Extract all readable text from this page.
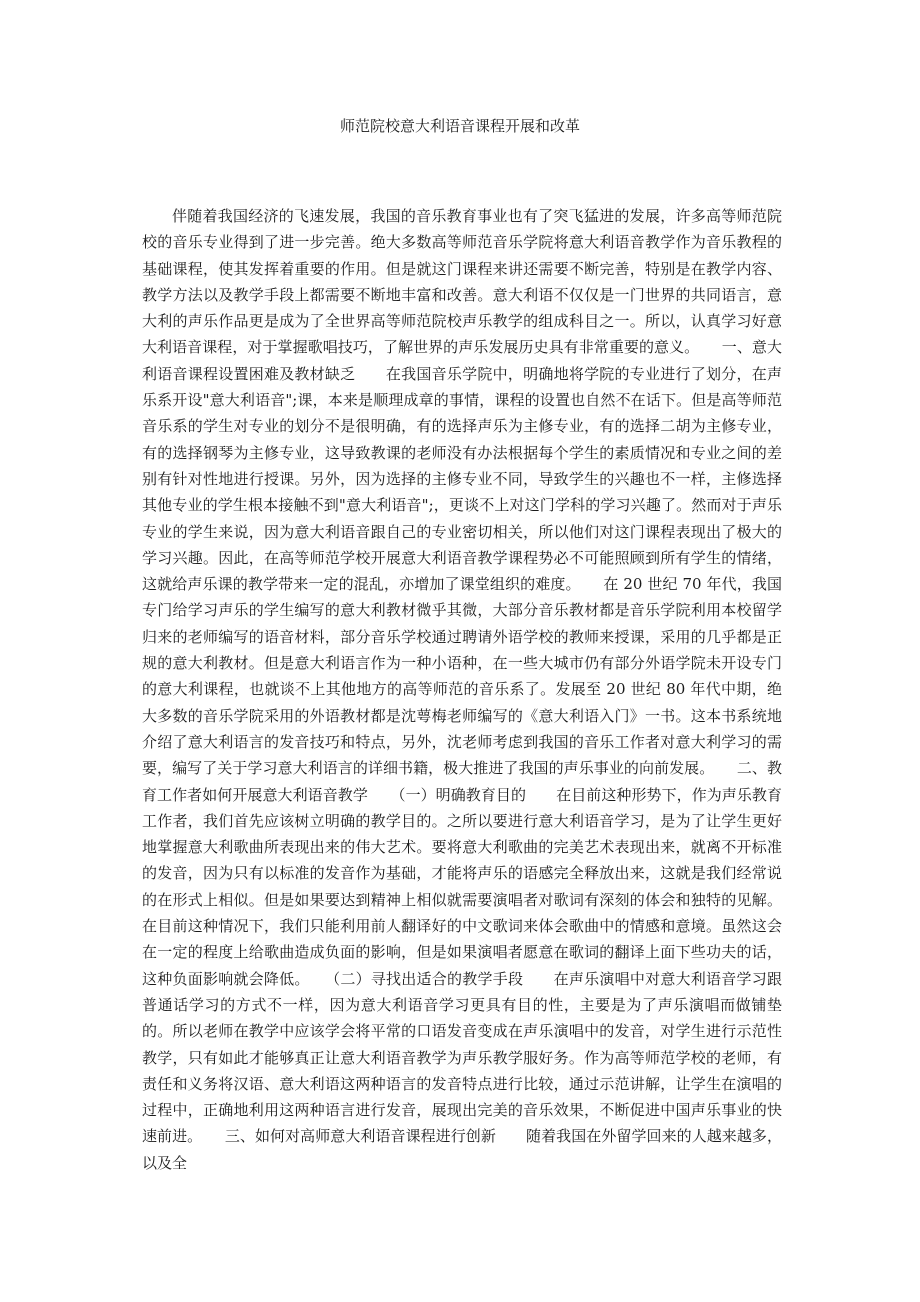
师范院校意大利语音课程开展和改革

伴随着我国经济的飞速发展，我国的音乐教育事业也有了突飞猛进的发展，许多高等师范院校的音乐专业得到了进一步完善。绝大多数高等师范音乐学院将意大利语音教学作为音乐教程的基础课程，使其发挥着重要的作用。但是就这门课程来讲还需要不断完善，特别是在教学内容、教学方法以及教学手段上都需要不断地丰富和改善。意大利语不仅仅是一门世界的共同语言，意大利的声乐作品更是成为了全世界高等师范院校声乐教学的组成科目之一。所以，认真学习好意大利语音课程，对于掌握歌唱技巧，了解世界的声乐发展历史具有非常重要的意义。　　一、意大利语音课程设置困难及教材缺乏　　在我国音乐学院中，明确地将学院的专业进行了划分，在声乐系开设"意大利语音";课，本来是顺理成章的事情，课程的设置也自然不在话下。但是高等师范音乐系的学生对专业的划分不是很明确，有的选择声乐为主修专业，有的选择二胡为主修专业，有的选择钢琴为主修专业，这导致教课的老师没有办法根据每个学生的素质情况和专业之间的差别有针对性地进行授课。另外，因为选择的主修专业不同，导致学生的兴趣也不一样，主修选择其他专业的学生根本接触不到"意大利语音";，更谈不上对这门学科的学习兴趣了。然而对于声乐专业的学生来说，因为意大利语音跟自己的专业密切相关，所以他们对这门课程表现出了极大的学习兴趣。因此，在高等师范学校开展意大利语音教学课程势必不可能照顾到所有学生的情绪，这就给声乐课的教学带来一定的混乱，亦增加了课堂组织的难度。　　在 20 世纪 70 年代，我国专门给学习声乐的学生编写的意大利教材微乎其微，大部分音乐教材都是音乐学院利用本校留学归来的老师编写的语音材料，部分音乐学校通过聘请外语学校的教师来授课，采用的几乎都是正规的意大利教材。但是意大利语言作为一种小语种，在一些大城市仍有部分外语学院未开设专门的意大利课程，也就谈不上其他地方的高等师范的音乐系了。发展至 20 世纪 80 年代中期，绝大多数的音乐学院采用的外语教材都是沈萼梅老师编写的《意大利语入门》一书。这本书系统地介绍了意大利语言的发音技巧和特点，另外，沈老师考虑到我国的音乐工作者对意大利学习的需要，编写了关于学习意大利语言的详细书籍，极大推进了我国的声乐事业的向前发展。　　二、教育工作者如何开展意大利语音教学　　（一）明确教育目的　　在目前这种形势下，作为声乐教育工作者，我们首先应该树立明确的教学目的。之所以要进行意大利语音学习，是为了让学生更好地掌握意大利歌曲所表现出来的伟大艺术。要将意大利歌曲的完美艺术表现出来，就离不开标准的发音，因为只有以标准的发音作为基础，才能将声乐的语感完全释放出来，这就是我们经常说的在形式上相似。但是如果要达到精神上相似就需要演唱者对歌词有深刻的体会和独特的见解。在目前这种情况下，我们只能利用前人翻译好的中文歌词来体会歌曲中的情感和意境。虽然这会在一定的程度上给歌曲造成负面的影响，但是如果演唱者愿意在歌词的翻译上面下些功夫的话，这种负面影响就会降低。　　（二）寻找出适合的教学手段　　在声乐演唱中对意大利语音学习跟普通话学习的方式不一样，因为意大利语音学习更具有目的性，主要是为了声乐演唱而做铺垫的。所以老师在教学中应该学会将平常的口语发音变成在声乐演唱中的发音，对学生进行示范性教学，只有如此才能够真正让意大利语音教学为声乐教学服好务。作为高等师范学校的老师，有责任和义务将汉语、意大利语这两种语言的发音特点进行比较，通过示范讲解，让学生在演唱的过程中，正确地利用这两种语言进行发音，展现出完美的音乐效果，不断促进中国声乐事业的快速前进。　　三、如何对高师意大利语音课程进行创新　　随着我国在外留学回来的人越来越多，以及全
